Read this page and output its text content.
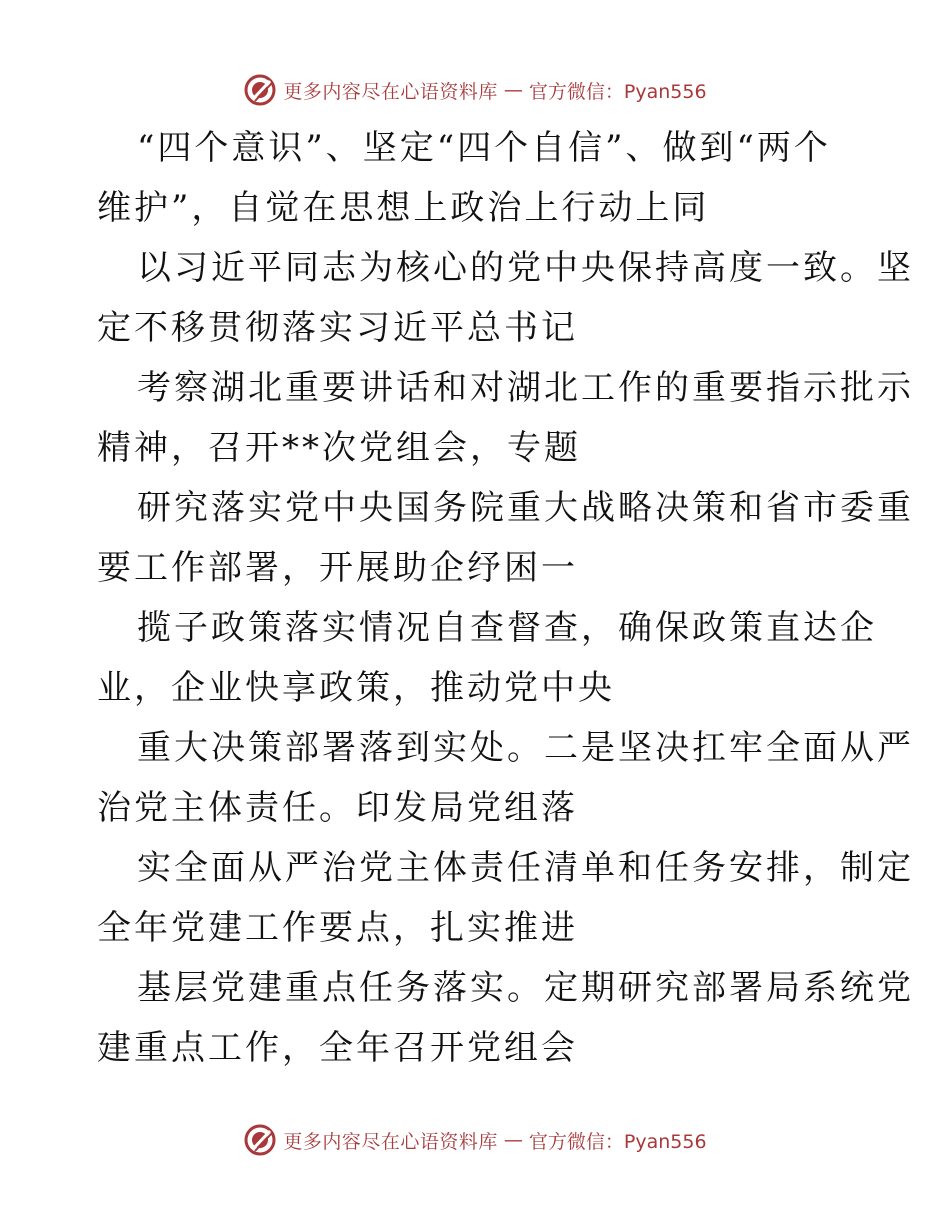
更多内容尽在心语资料库 — 官方微信：Pyan556
“四个意识”、坚定“四个自信”、做到“两个
维护”，自觉在思想上政治上行动上同
以习近平同志为核心的党中央保持高度一致。坚
定不移贯彻落实习近平总书记
考察湖北重要讲话和对湖北工作的重要指示批示
精神，召开**次党组会，专题
研究落实党中央国务院重大战略决策和省市委重
要工作部署，开展助企纾困一
揽子政策落实情况自查督查，确保政策直达企
业，企业快享政策，推动党中央
重大决策部署落到实处。二是坚决扛牢全面从严
治党主体责任。印发局党组落
实全面从严治党主体责任清单和任务安排，制定
全年党建工作要点，扎实推进
基层党建重点任务落实。定期研究部署局系统党
建重点工作，全年召开党组会
更多内容尽在心语资料库 — 官方微信：Pyan556
